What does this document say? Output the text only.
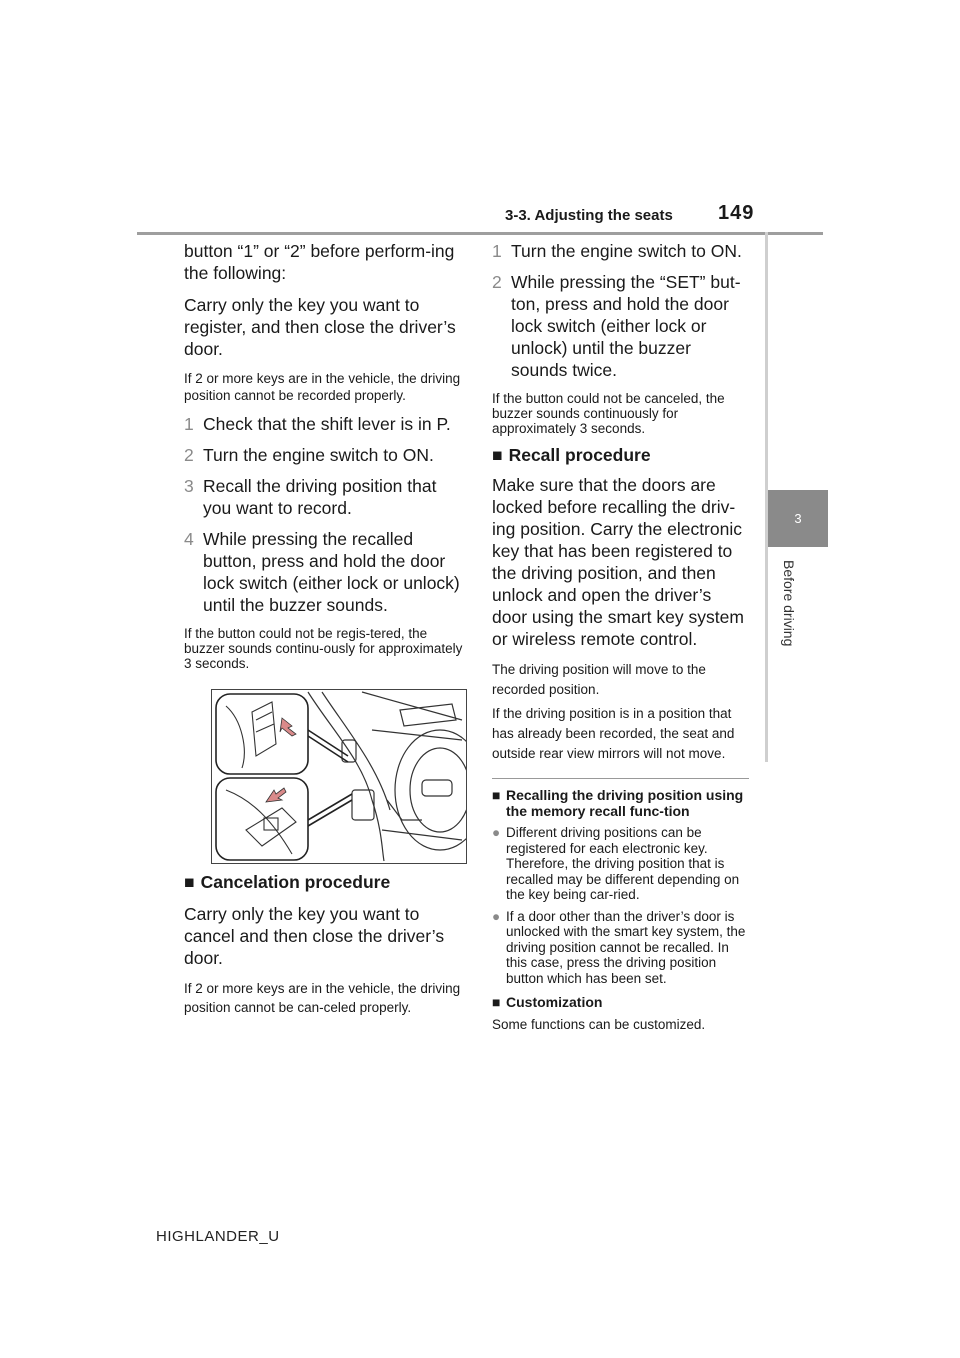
3-3. Adjusting the seats 149
3
Before driving

button “1” or “2” before perform-ing the following:

Carry only the key you want to register, and then close the driver’s door.

If 2 or more keys are in the vehicle, the driving position cannot be recorded properly.

1 Check that the shift lever is in P.
2 Turn the engine switch to ON.
3 Recall the driving position that you want to record.
4 While pressing the recalled button, press and hold the door lock switch (either lock or unlock) until the buzzer sounds.

If the button could not be regis-tered, the buzzer sounds continu-ously for approximately 3 seconds.

■ Cancelation procedure

Carry only the key you want to cancel and then close the driver’s door.

If 2 or more keys are in the vehicle, the driving position cannot be can-celed properly.

1 Turn the engine switch to ON.
2 While pressing the “SET” but-ton, press and hold the door lock switch (either lock or unlock) until the buzzer sounds twice.

If the button could not be canceled, the buzzer sounds continuously for approximately 3 seconds.

■ Recall procedure

Make sure that the doors are locked before recalling the driv-ing position. Carry the electronic key that has been registered to the driving position, and then unlock and open the driver’s door using the smart key system or wireless remote control.

The driving position will move to the recorded position.

If the driving position is in a position that has already been recorded, the seat and outside rear view mirrors will not move.

■ Recalling the driving position using the memory recall func-tion
● Different driving positions can be registered for each electronic key. Therefore, the driving position that is recalled may be different depending on the key being car-ried.
● If a door other than the driver’s door is unlocked with the smart key system, the driving position cannot be recalled. In this case, press the driving position button which has been set.
■ Customization

Some functions can be customized.

HIGHLANDER_U
